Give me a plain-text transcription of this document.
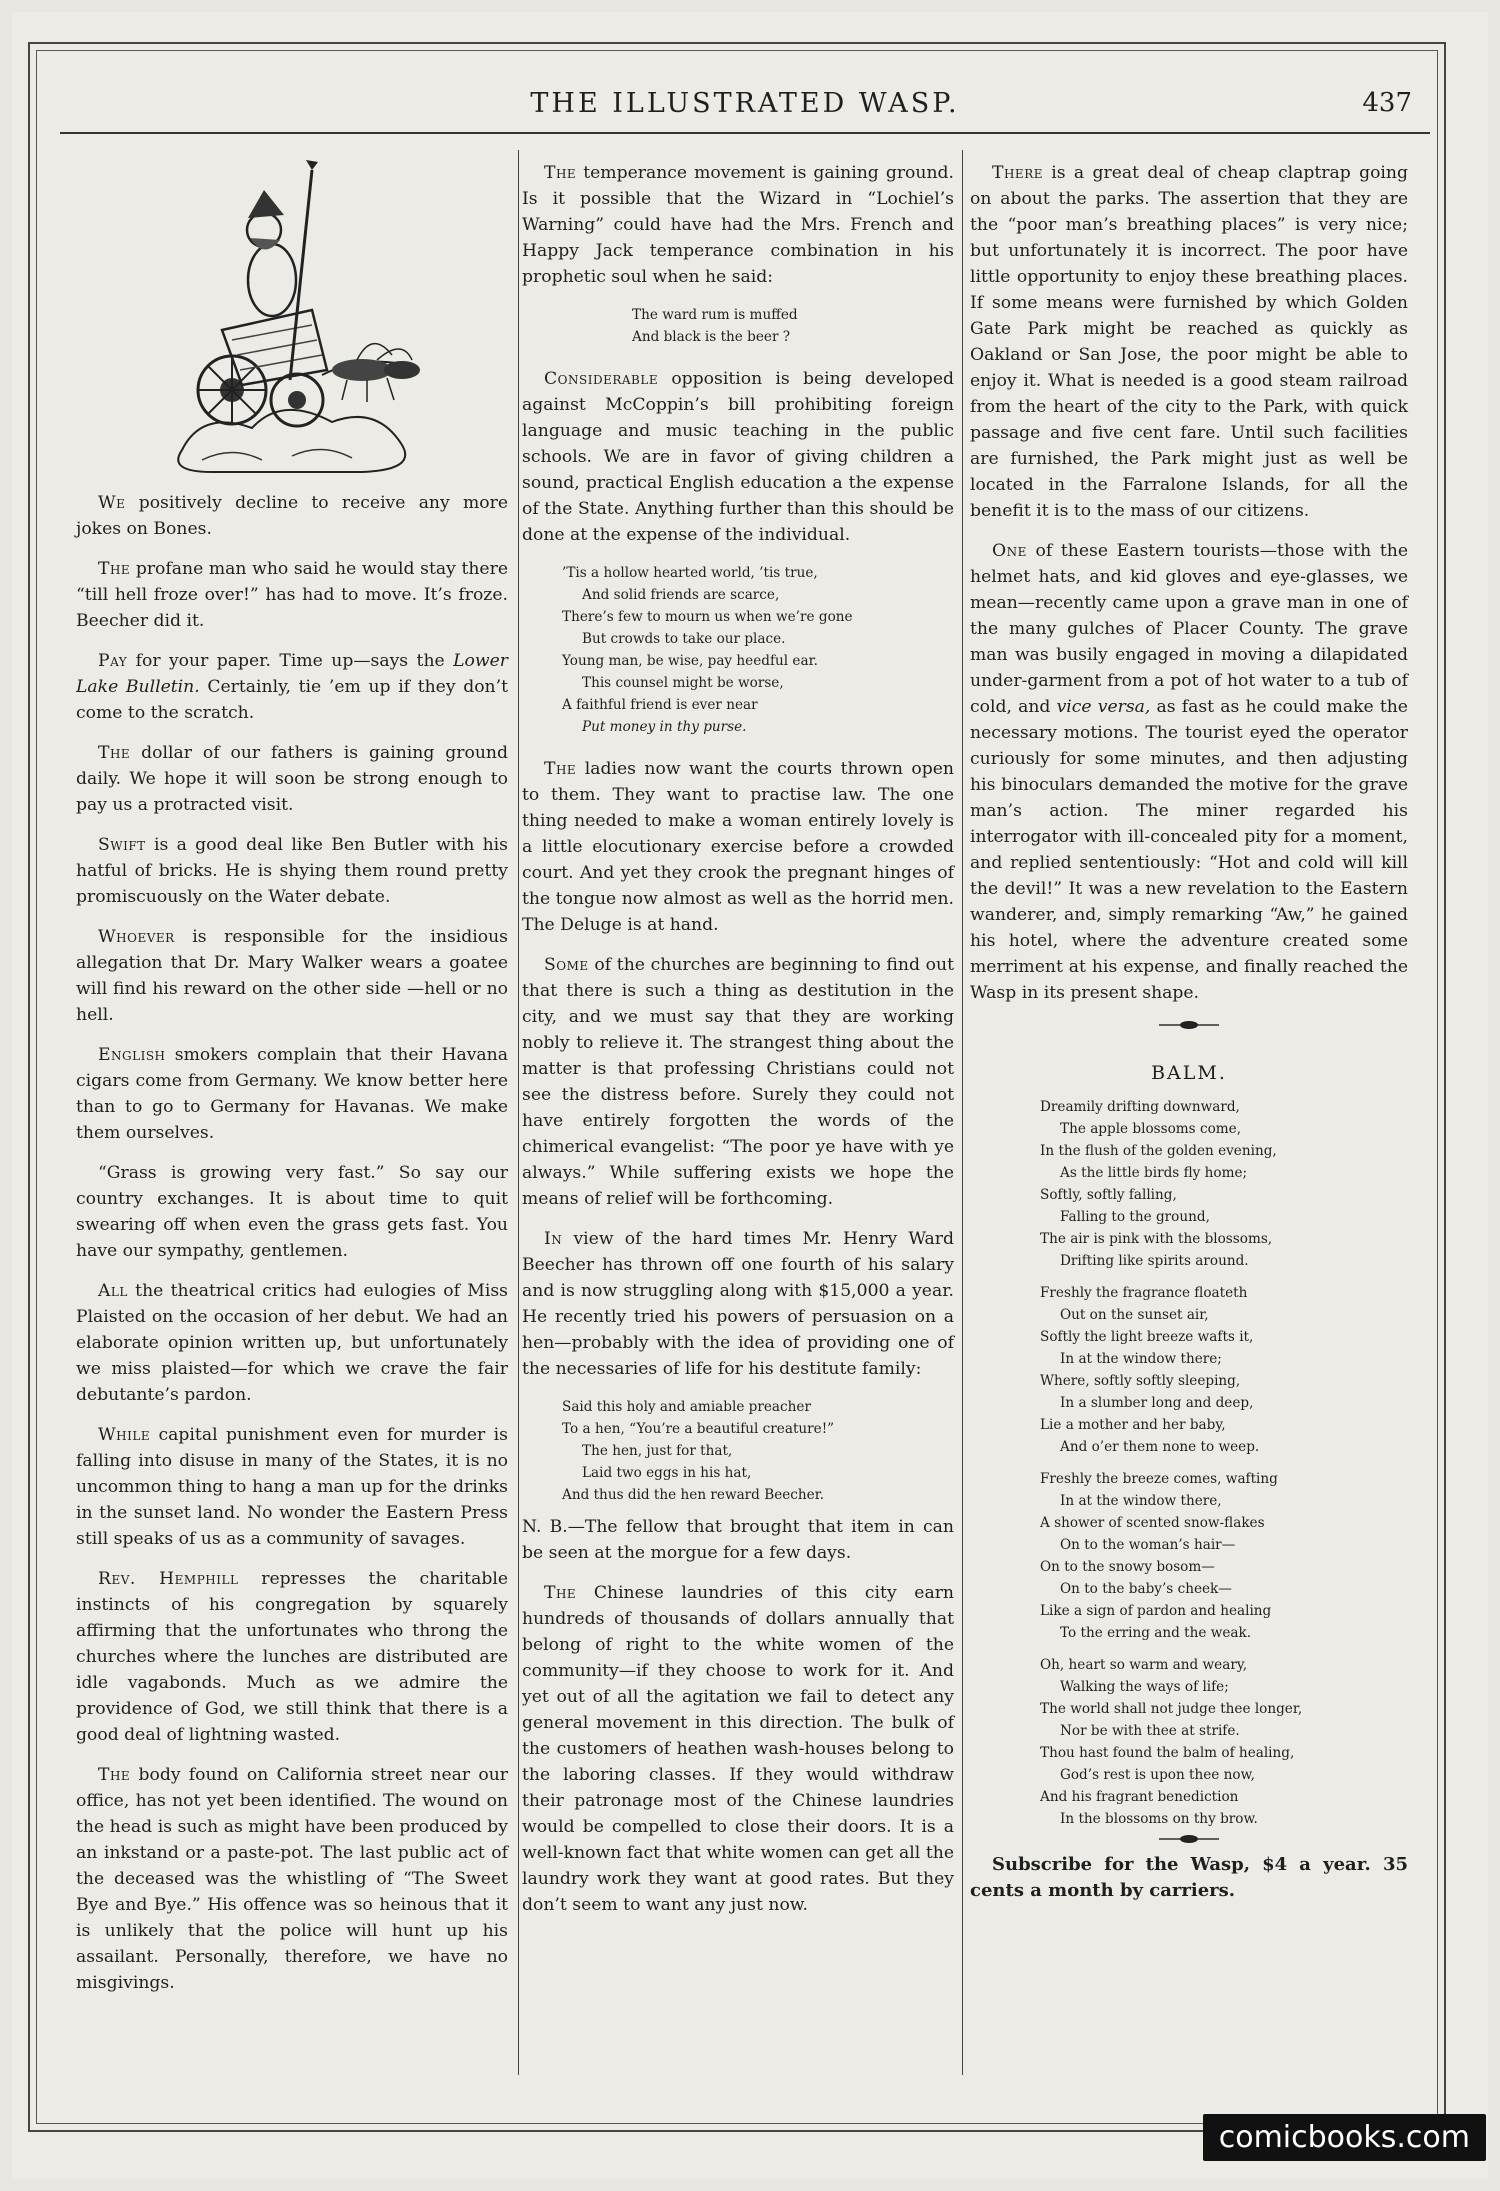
THE ILLUSTRATED WASP.	437

We positively decline to receive any more jokes on Bones.

The profane man who said he would stay there “till hell froze over!” has had to move. It’s froze. Beecher did it.

Pay for your paper. Time up—says the Lower Lake Bulletin. Certainly, tie ’em up if they don’t come to the scratch.

The dollar of our fathers is gaining ground daily. We hope it will soon be strong enough to pay us a protracted visit.

Swift is a good deal like Ben Butler with his hatful of bricks. He is shying them round pretty promiscuously on the Water debate.

Whoever is responsible for the insidious allegation that Dr. Mary Walker wears a goatee will find his reward on the other side —hell or no hell.

English smokers complain that their Havana cigars come from Germany. We know better here than to go to Germany for Havanas. We make them ourselves.

“Grass is growing very fast.” So say our country exchanges. It is about time to quit swearing off when even the grass gets fast. You have our sympathy, gentlemen.

All the theatrical critics had eulogies of Miss Plaisted on the occasion of her debut. We had an elaborate opinion written up, but unfortunately we miss plaisted—for which we crave the fair debutante’s pardon.

While capital punishment even for murder is falling into disuse in many of the States, it is no uncommon thing to hang a man up for the drinks in the sunset land. No wonder the Eastern Press still speaks of us as a community of savages.

Rev. Hemphill represses the charitable instincts of his congregation by squarely affirming that the unfortunates who throng the churches where the lunches are distributed are idle vagabonds. Much as we admire the providence of God, we still think that there is a good deal of lightning wasted.

The body found on California street near our office, has not yet been identified. The wound on the head is such as might have been produced by an inkstand or a paste-pot. The last public act of the deceased was the whistling of “The Sweet Bye and Bye.” His offence was so heinous that it is unlikely that the police will hunt up his assailant. Personally, therefore, we have no misgivings.

The temperance movement is gaining ground. Is it possible that the Wizard in “Lochiel’s Warning” could have had the Mrs. French and Happy Jack temperance combination in his prophetic soul when he said:

The ward rum is muffed
And black is the beer ?

Considerable opposition is being developed against McCoppin’s bill prohibiting foreign language and music teaching in the public schools. We are in favor of giving children a sound, practical English education a the expense of the State. Anything further than this should be done at the expense of the individual.

’Tis a hollow hearted world, ’tis true,
And solid friends are scarce,
There’s few to mourn us when we’re gone
But crowds to take our place.
Young man, be wise, pay heedful ear.
This counsel might be worse,
A faithful friend is ever near
Put money in thy purse.

The ladies now want the courts thrown open to them. They want to practise law. The one thing needed to make a woman entirely lovely is a little elocutionary exercise before a crowded court. And yet they crook the pregnant hinges of the tongue now almost as well as the horrid men. The Deluge is at hand.

Some of the churches are beginning to find out that there is such a thing as destitution in the city, and we must say that they are working nobly to relieve it. The strangest thing about the matter is that professing Christians could not see the distress before. Surely they could not have entirely forgotten the words of the chimerical evangelist: “The poor ye have with ye always.” While suffering exists we hope the means of relief will be forthcoming.

In view of the hard times Mr. Henry Ward Beecher has thrown off one fourth of his salary and is now struggling along with $15,000 a year. He recently tried his powers of persuasion on a hen—probably with the idea of providing one of the necessaries of life for his destitute family:

Said this holy and amiable preacher
To a hen, “You’re a beautiful creature!”
The hen, just for that,
Laid two eggs in his hat,
And thus did the hen reward Beecher.

N. B.—The fellow that brought that item in can be seen at the morgue for a few days.

The Chinese laundries of this city earn hundreds of thousands of dollars annually that belong of right to the white women of the community—if they choose to work for it. And yet out of all the agitation we fail to detect any general movement in this direction. The bulk of the customers of heathen wash-houses belong to the laboring classes. If they would withdraw their patronage most of the Chinese laundries would be compelled to close their doors. It is a well-known fact that white women can get all the laundry work they want at good rates. But they don’t seem to want any just now.

There is a great deal of cheap claptrap going on about the parks. The assertion that they are the “poor man’s breathing places” is very nice; but unfortunately it is incorrect. The poor have little opportunity to enjoy these breathing places. If some means were furnished by which Golden Gate Park might be reached as quickly as Oakland or San Jose, the poor might be able to enjoy it. What is needed is a good steam railroad from the heart of the city to the Park, with quick passage and five cent fare. Until such facilities are furnished, the Park might just as well be located in the Farralone Islands, for all the benefit it is to the mass of our citizens.

One of these Eastern tourists—those with the helmet hats, and kid gloves and eye-glasses, we mean—recently came upon a grave man in one of the many gulches of Placer County. The grave man was busily engaged in moving a dilapidated under-garment from a pot of hot water to a tub of cold, and vice versa, as fast as he could make the necessary motions. The tourist eyed the operator curiously for some minutes, and then adjusting his binoculars demanded the motive for the grave man’s action. The miner regarded his interrogator with ill-concealed pity for a moment, and replied sententiously: “Hot and cold will kill the devil!” It was a new revelation to the Eastern wanderer, and, simply remarking “Aw,” he gained his hotel, where the adventure created some merriment at his expense, and finally reached the Wasp in its present shape.

BALM.
Dreamily drifting downward,
The apple blossoms come,
In the flush of the golden evening,
As the little birds fly home;
Softly, softly falling,
Falling to the ground,
The air is pink with the blossoms,
Drifting like spirits around.
Freshly the fragrance floateth
Out on the sunset air,
Softly the light breeze wafts it,
In at the window there;
Where, softly softly sleeping,
In a slumber long and deep,
Lie a mother and her baby,
And o’er them none to weep.
Freshly the breeze comes, wafting
In at the window there,
A shower of scented snow-flakes
On to the woman’s hair—
On to the snowy bosom—
On to the baby’s cheek—
Like a sign of pardon and healing
To the erring and the weak.
Oh, heart so warm and weary,
Walking the ways of life;
The world shall not judge thee longer,
Nor be with thee at strife.
Thou hast found the balm of healing,
God’s rest is upon thee now,
And his fragrant benediction
In the blossoms on thy brow.

Subscribe for the Wasp, $4 a year. 35 cents a month by carriers.

comicbooks.com
